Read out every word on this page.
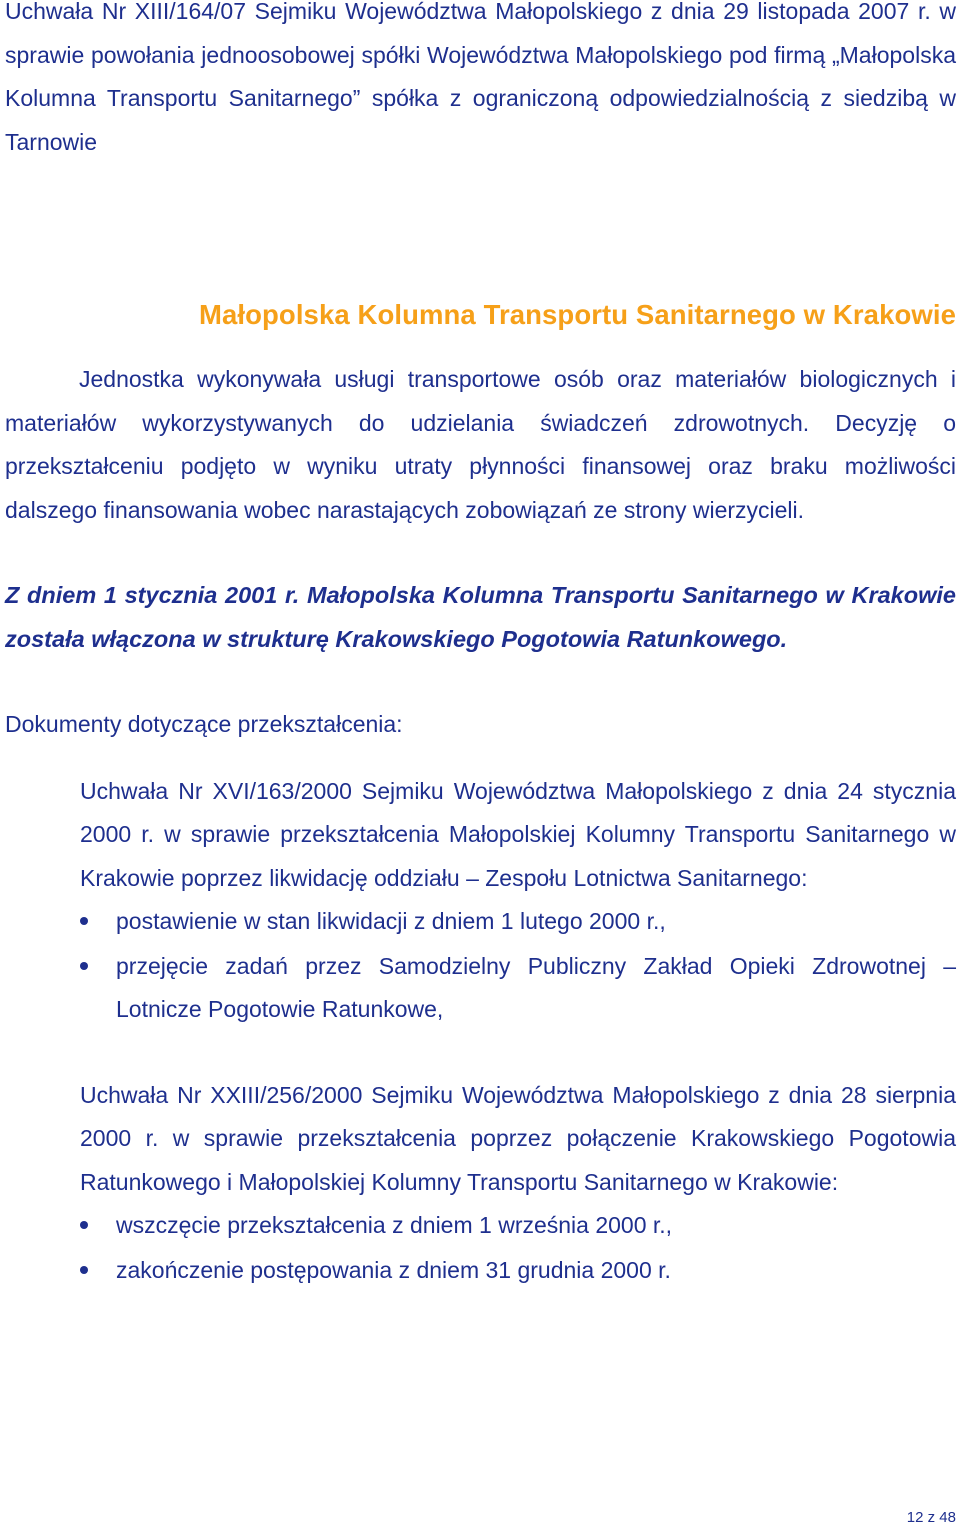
Uchwała Nr XIII/164/07 Sejmiku Województwa Małopolskiego z dnia 29 listopada 2007 r. w sprawie powołania jednoosobowej spółki Województwa Małopolskiego pod firmą „Małopolska Kolumna Transportu Sanitarnego” spółka z ograniczoną odpowiedzialnością z siedzibą w Tarnowie

Małopolska Kolumna Transportu Sanitarnego w Krakowie

Jednostka wykonywała usługi transportowe osób oraz materiałów biologicznych i materiałów wykorzystywanych do udzielania świadczeń zdrowotnych. Decyzję o przekształceniu podjęto w wyniku utraty płynności finansowej oraz braku możliwości dalszego finansowania wobec narastających zobowiązań ze strony wierzycieli.

Z dniem 1 stycznia 2001 r. Małopolska Kolumna Transportu Sanitarnego w Krakowie została włączona w strukturę Krakowskiego Pogotowia Ratunkowego.

Dokumenty dotyczące przekształcenia:

Uchwała Nr XVI/163/2000 Sejmiku Województwa Małopolskiego z dnia 24 stycznia 2000 r. w sprawie przekształcenia Małopolskiej Kolumny Transportu Sanitarnego w Krakowie poprzez likwidację oddziału – Zespołu Lotnictwa Sanitarnego:

postawienie w stan likwidacji z dniem 1 lutego 2000 r.,
przejęcie zadań przez Samodzielny Publiczny Zakład Opieki Zdrowotnej – Lotnicze Pogotowie Ratunkowe,

Uchwała Nr XXIII/256/2000 Sejmiku Województwa Małopolskiego z dnia 28 sierpnia 2000 r. w sprawie przekształcenia poprzez połączenie Krakowskiego Pogotowia Ratunkowego i Małopolskiej Kolumny Transportu Sanitarnego w Krakowie:

wszczęcie przekształcenia z dniem 1 września 2000 r.,
zakończenie postępowania z dniem 31 grudnia 2000 r.
12 z 48
